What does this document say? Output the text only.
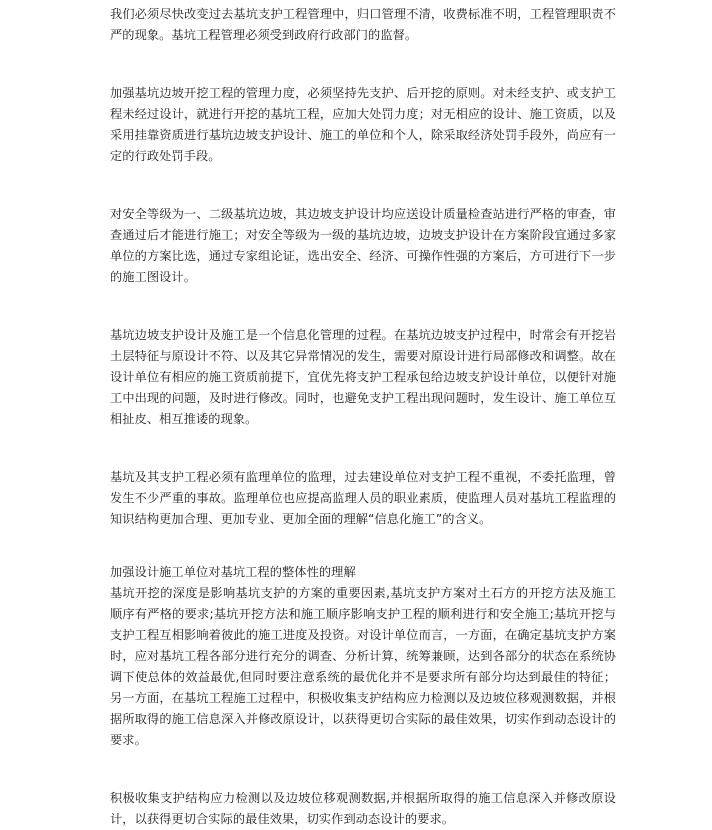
我们必须尽快改变过去基坑支护工程管理中，归口管理不清，收费标准不明，工程管理职责不严的现象。基坑工程管理必须受到政府行政部门的监督。

加强基坑边坡开挖工程的管理力度，必须坚持先支护、后开挖的原则。对未经支护、或支护工程未经过设计，就进行开挖的基坑工程，应加大处罚力度；对无相应的设计、施工资质，以及采用挂靠资质进行基坑边坡支护设计、施工的单位和个人，除采取经济处罚手段外，尚应有一定的行政处罚手段。

对安全等级为一、二级基坑边坡，其边坡支护设计均应送设计质量检查站进行严格的审查，审查通过后才能进行施工；对安全等级为一级的基坑边坡，边坡支护设计在方案阶段宜通过多家单位的方案比选，通过专家组论证，选出安全、经济、可操作性强的方案后，方可进行下一步的施工图设计。

基坑边坡支护设计及施工是一个信息化管理的过程。在基坑边坡支护过程中，时常会有开挖岩土层特征与原设计不符、以及其它异常情况的发生，需要对原设计进行局部修改和调整。故在设计单位有相应的施工资质前提下，宜优先将支护工程承包给边坡支护设计单位，以便针对施工中出现的问题，及时进行修改。同时，也避免支护工程出现问题时，发生设计、施工单位互相扯皮、相互推诿的现象。

基坑及其支护工程必须有监理单位的监理，过去建设单位对支护工程不重视，不委托监理，曾发生不少严重的事故。监理单位也应提高监理人员的职业素质，使监理人员对基坑工程监理的知识结构更加合理、更加专业、更加全面的理解“信息化施工”的含义。

加强设计施工单位对基坑工程的整体性的理解

基坑开挖的深度是影响基坑支护的方案的重要因素,基坑支护方案对土石方的开挖方法及施工顺序有严格的要求;基坑开挖方法和施工顺序影响支护工程的顺利进行和安全施工;基坑开挖与支护工程互相影响着彼此的施工进度及投资。对设计单位而言，一方面，在确定基坑支护方案时，应对基坑工程各部分进行充分的调查、分析计算，统筹兼顾，达到各部分的状态在系统协调下使总体的效益最优,但同时要注意系统的最优化并不是要求所有部分均达到最佳的特征；另一方面，在基坑工程施工过程中，积极收集支护结构应力检测以及边坡位移观测数据，并根据所取得的施工信息深入并修改原设计，以获得更切合实际的最佳效果，切实作到动态设计的要求。

积极收集支护结构应力检测以及边坡位移观测数据,并根据所取得的施工信息深入并修改原设计，以获得更切合实际的最佳效果，切实作到动态设计的要求。
